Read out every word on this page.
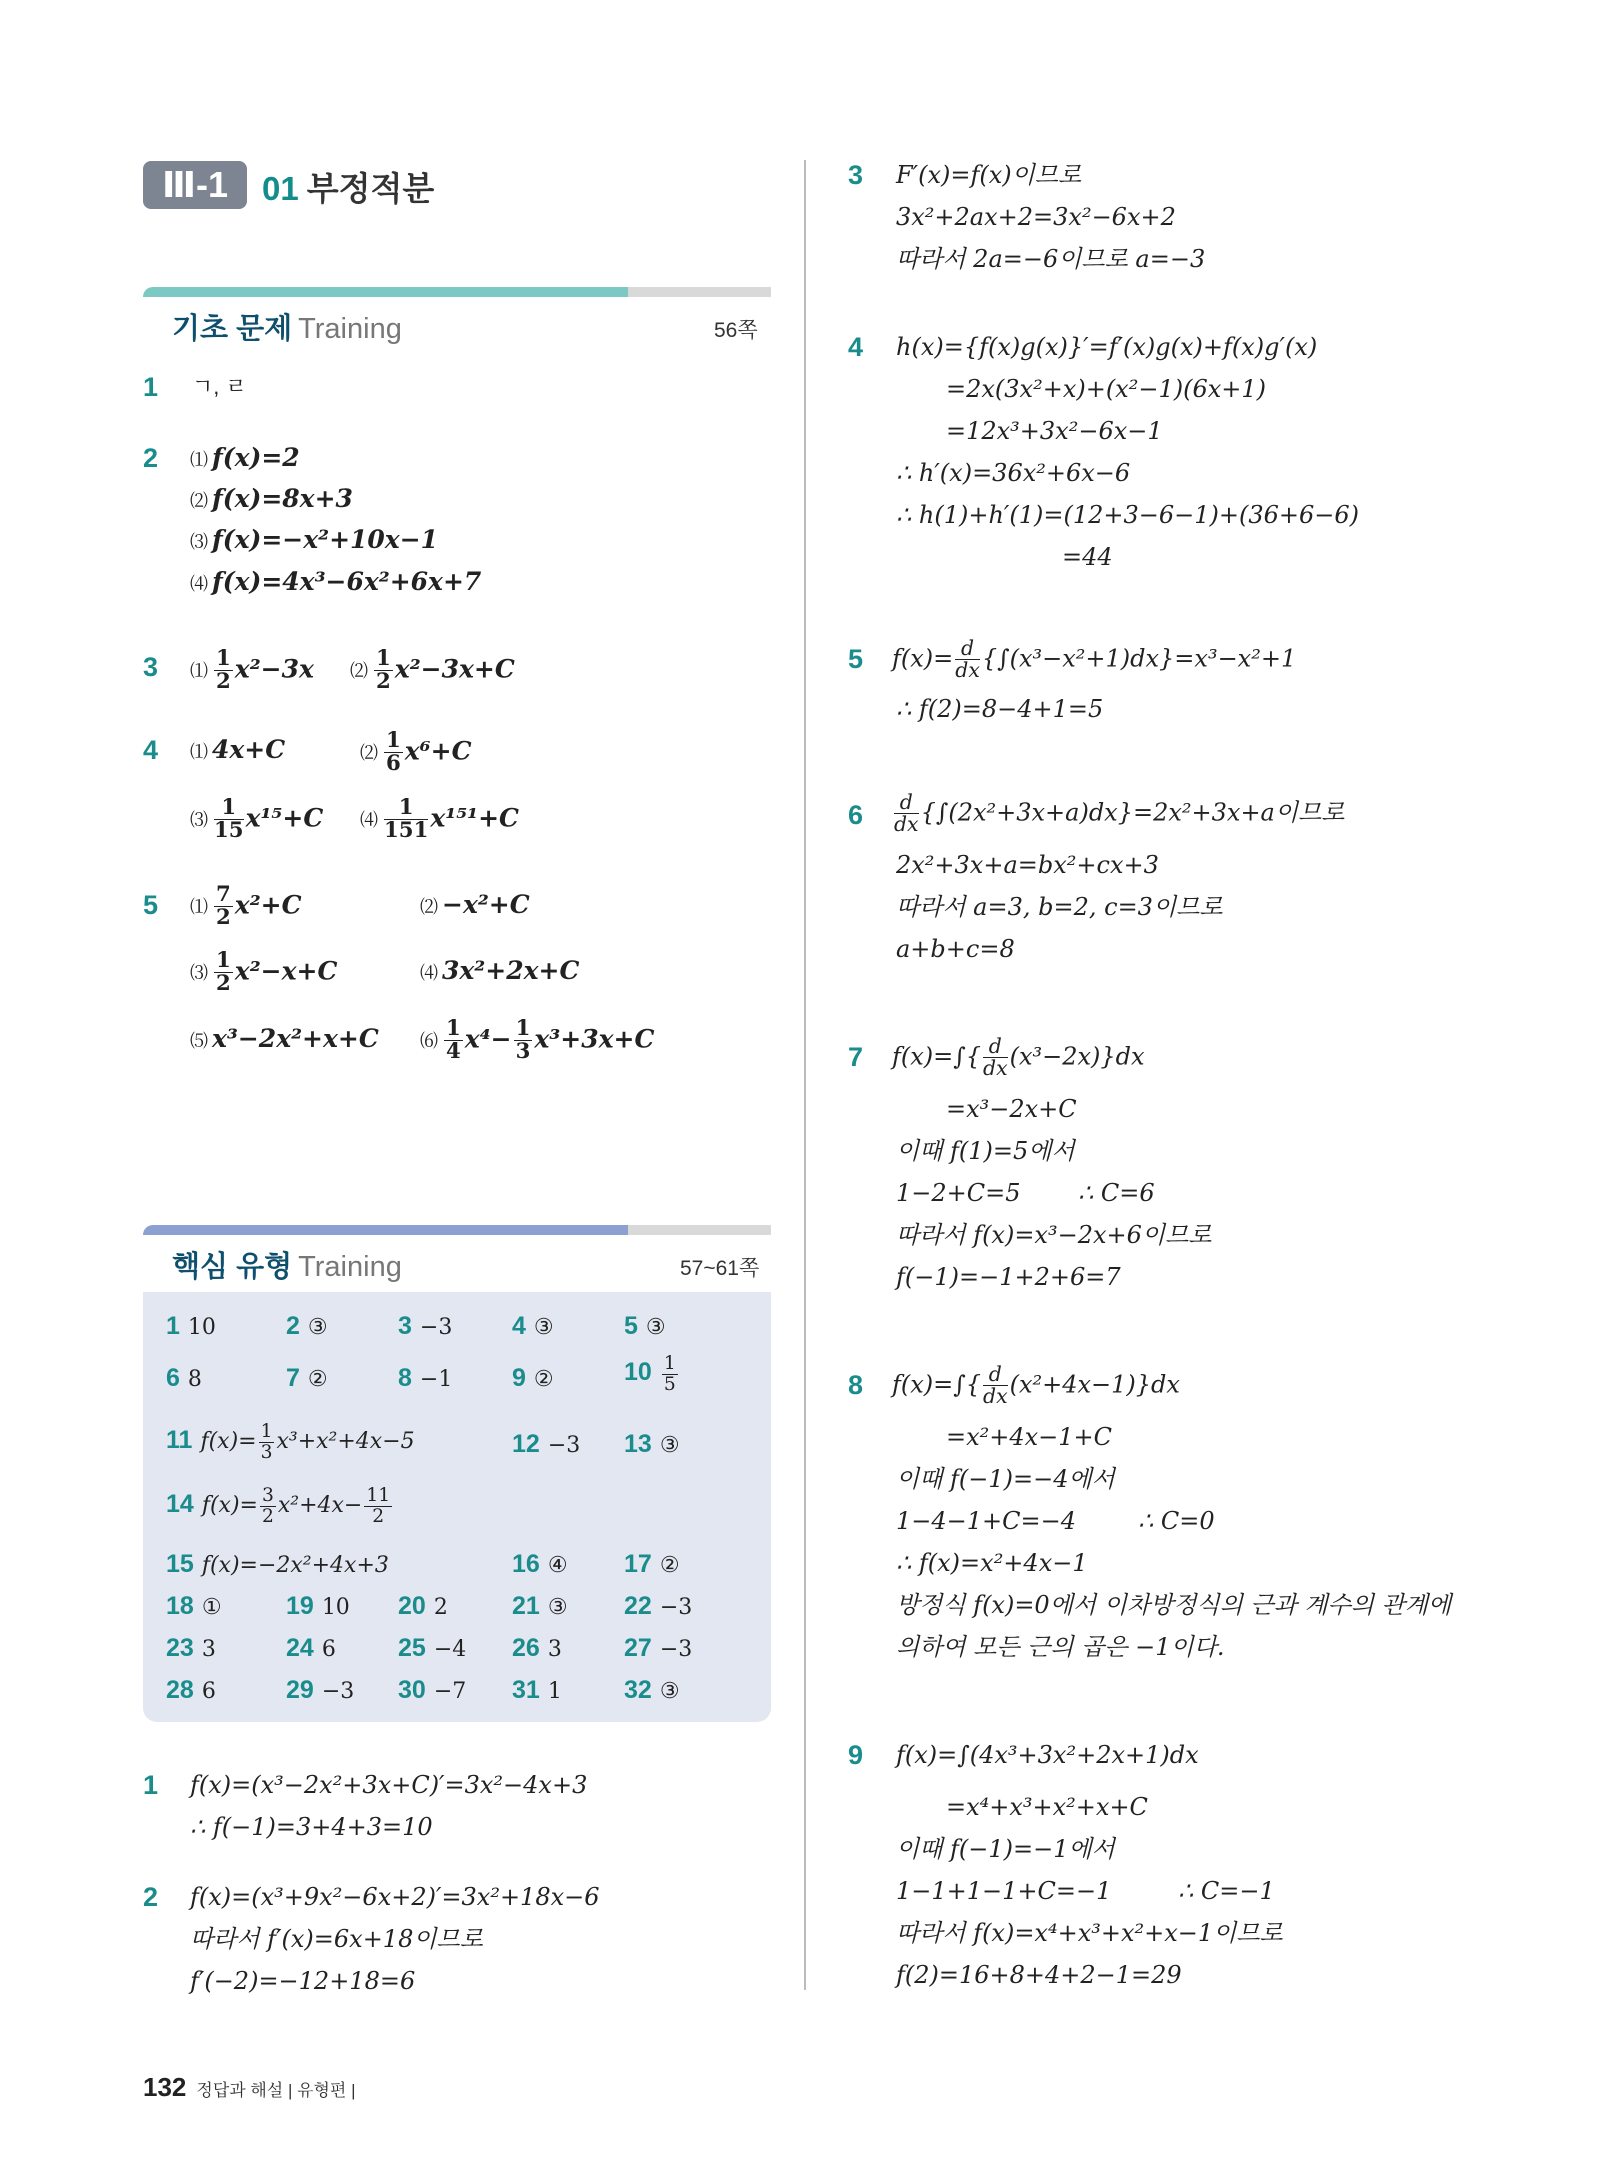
Ⅲ-1	01 부정적분
기초 문제 Training	56쪽
1 ㄱ, ㄹ
2 ⑴ f(x)=2
⑵ f(x)=8x+3
⑶ f(x)=−x²+10x−1
⑷ f(x)=4x³−6x²+6x+7
3 ⑴ $\frac{1}{2} x^2-3x$ ⑵ $\frac{1}{2} x^2-3x+C$
4 ⑴ 4x+C	⑵ $\frac{1}{6} x^6+C$
⑶ $\frac{1}{15} x^{15}+C$ ⑷ $\frac{1}{151} x^{151}+C$
5 ⑴ $\frac{7}{2} x^2+C$	⑵ −x²+C
⑶ $\frac{1}{2} x^2-x+C$	⑷ 3x²+2x+C
⑸ x³−2x²+x+C ⑹ $\frac{1}{4} x^4- \frac{1}{3} x^3+3x+C$
핵심 유형 Training	57~61쪽
1 10	2 ③	3 −3 4 ③	5 ③
6 8	7 ②	8 −1 9 ②	$10 \frac{1}{5}$
11 $f(x)= \frac{1}{3} x^3+x^2+4x-5$	12 −3 13 ③
14 $f(x)= \frac{3}{2} x^2+4x- \frac{11}{2}$
15 f(x)=−2x²+4x+3	16 ④ 17 ②
18 ①	19 10 20 2	21 ③ 22 −3
23 3	24 6 25 −4 26 3 27 −3
28 6	29 −3 30 −7 31 1 32 ③
1 f(x)=(x³−2x²+3x+C)′=3x²−4x+3
∴ f(−1)=3+4+3=10
2 f(x)=(x³+9x²−6x+2)′=3x²+18x−6
따라서 f′(x)=6x+18이므로
f′(−2)=−12+18=6
3 F′(x)=f(x)이므로
3x²+2ax+2=3x²−6x+2
따라서 2a=−6이므로 a=−3
4 h(x)={f(x)g(x)}′=f′(x)g(x)+f(x)g′(x)
=2x(3x²+x)+(x²−1)(6x+1)
=12x³+3x²−6x−1
∴ h′(x)=36x²+6x−6
∴ h(1)+h′(1)=(12+3−6−1)+(36+6−6)
=44
5 $f(x)= \frac{d}{dx} \{\int(x^3-x^2+1)dx\}=x^3-x^2+1$
∴ f(2)=8−4+1=5
$6 \frac{d}{dx} \{\int(2x^2+3x+a)dx\}=2x^2+3x+a$이므로
2x²+3x+a=bx²+cx+3
따라서 a=3, b=2, c=3이므로
a+b+c=8
7 $f(x)=\int\{ \frac{d}{dx} (x^3-2x)\}dx$
=x³−2x+C
이때 f(1)=5에서
1−2+C=5 ∴ C=6
따라서 f(x)=x³−2x+6이므로
f(−1)=−1+2+6=7
8 $f(x)=\int\{ \frac{d}{dx} (x^2+4x-1)\}dx$
=x²+4x−1+C
이때 f(−1)=−4에서
1−4−1+C=−4	∴ C=0
∴ f(x)=x²+4x−1
방정식 f(x)=0에서 이차방정식의 근과 계수의 관계에
의하여 모든 근의 곱은 −1이다.
9 f(x)=∫(4x³+3x²+2x+1)dx
=x⁴+x³+x²+x+C
이때 f(−1)=−1에서
1−1+1−1+C=−1	∴ C=−1
따라서 f(x)=x⁴+x³+x²+x−1이므로
f(2)=16+8+4+2−1=29
132 정답과 해설 | 유형편 |
